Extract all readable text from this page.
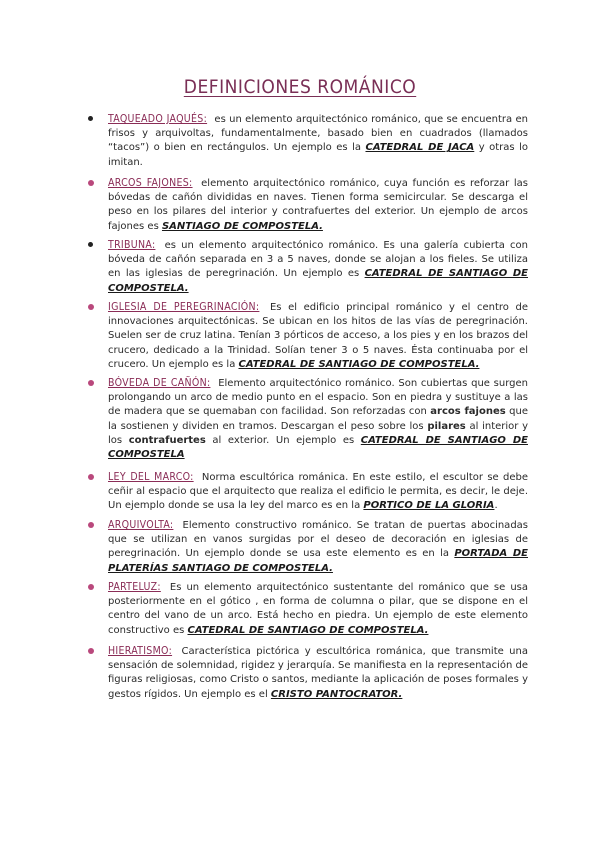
DEFINICIONES ROMÁNICO
TAQUEADO JAQUÉS: es un elemento arquitectónico románico, que se encuentra en frisos y arquivoltas, fundamentalmente, basado bien en cuadrados (llamados “tacos”) o bien en rectángulos. Un ejemplo es la CATEDRAL DE JACA y otras lo imitan.
ARCOS FAJONES: elemento arquitectónico románico, cuya función es reforzar las bóvedas de cañón divididas en naves. Tienen forma semicircular. Se descarga el peso en los pilares del interior y contrafuertes del exterior. Un ejemplo de arcos fajones es SANTIAGO DE COMPOSTELA.
TRIBUNA: es un elemento arquitectónico románico. Es una galería cubierta con bóveda de cañón separada en 3 a 5 naves, donde se alojan a los fieles. Se utiliza en las iglesias de peregrinación. Un ejemplo es CATEDRAL DE SANTIAGO DE COMPOSTELA.
IGLESIA DE PEREGRINACIÓN: Es el edificio principal románico y el centro de innovaciones arquitectónicas. Se ubican en los hitos de las vías de peregrinación. Suelen ser de cruz latina. Tenían 3 pórticos de acceso, a los pies y en los brazos del crucero, dedicado a la Trinidad. Solían tener 3 o 5 naves. Ésta continuaba por el crucero. Un ejemplo es la CATEDRAL DE SANTIAGO DE COMPOSTELA.
BÓVEDA DE CAÑÓN: Elemento arquitectónico románico. Son cubiertas que surgen prolongando un arco de medio punto en el espacio. Son en piedra y sustituye a las de madera que se quemaban con facilidad. Son reforzadas con arcos fajones que la sostienen y dividen en tramos. Descargan el peso sobre los pilares al interior y los contrafuertes al exterior. Un ejemplo es CATEDRAL DE SANTIAGO DE COMPOSTELA
LEY DEL MARCO: Norma escultórica románica. En este estilo, el escultor se debe ceñir al espacio que el arquitecto que realiza el edificio le permita, es decir, le deje. Un ejemplo donde se usa la ley del marco es en la PORTICO DE LA GLORIA.
ARQUIVOLTA: Elemento constructivo románico. Se tratan de puertas abocinadas que se utilizan en vanos surgidas por el deseo de decoración en iglesias de peregrinación. Un ejemplo donde se usa este elemento es en la PORTADA DE PLATERÍAS SANTIAGO DE COMPOSTELA.
PARTELUZ: Es un elemento arquitectónico sustentante del románico que se usa posteriormente en el gótico , en forma de columna o pilar, que se dispone en el centro del vano de un arco. Está hecho en piedra. Un ejemplo de este elemento constructivo es CATEDRAL DE SANTIAGO DE COMPOSTELA.
HIERATISMO: Característica pictórica y escultórica románica, que transmite una sensación de solemnidad, rigidez y jerarquía. Se manifiesta en la representación de figuras religiosas, como Cristo o santos, mediante la aplicación de poses formales y gestos rígidos. Un ejemplo es el CRISTO PANTOCRATOR.
